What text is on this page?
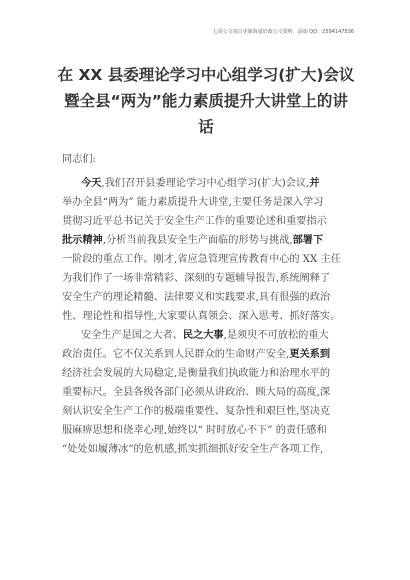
七哥公文每日更新海量好政公文资料，添加 QQ：2594147536
在 XX 县委理论学习中心组学习(扩大)会议
暨全县“两为”能力素质提升大讲堂上的讲
话
同志们:
今天,我们召开县委理论学习中心组学习(扩大)会议,并
举办全县“两为” 能力素质提升大讲堂,主要任务是深入学习
贯彻习近平总书记关于安全生产工作的重要论述和重要指示
批示精神,分析当前我县安全生产面临的形势与挑战,部署下
一阶段的重点工作。刚才,省应急管理宣传教育中心的 XX 主任
为我们作了一场非常精彩、深刻的专题辅导报告,系统阐释了
安全生产的理论精髓、法律要义和实践要求,具有很强的政治
性、理论性和指导性,大家要认真领会、深入思考、抓好落实。
安全生产是国之大者、民之大事,是须臾不可放松的重大
政治责任。它不仅关系到人民群众的生命财产安全,更关系到
经济社会发展的大局稳定,是衡量我们执政能力和治理水平的
重要标尺。全县各级各部门必须从讲政治、顾大局的高度,深
刻认识安全生产工作的极端重要性、复杂性和艰巨性,坚决克
服麻痹思想和侥幸心理,始终以“ 时时放心不下” 的责任感和
“处处如履薄冰”的危机感,抓实抓细抓好安全生产各项工作,
